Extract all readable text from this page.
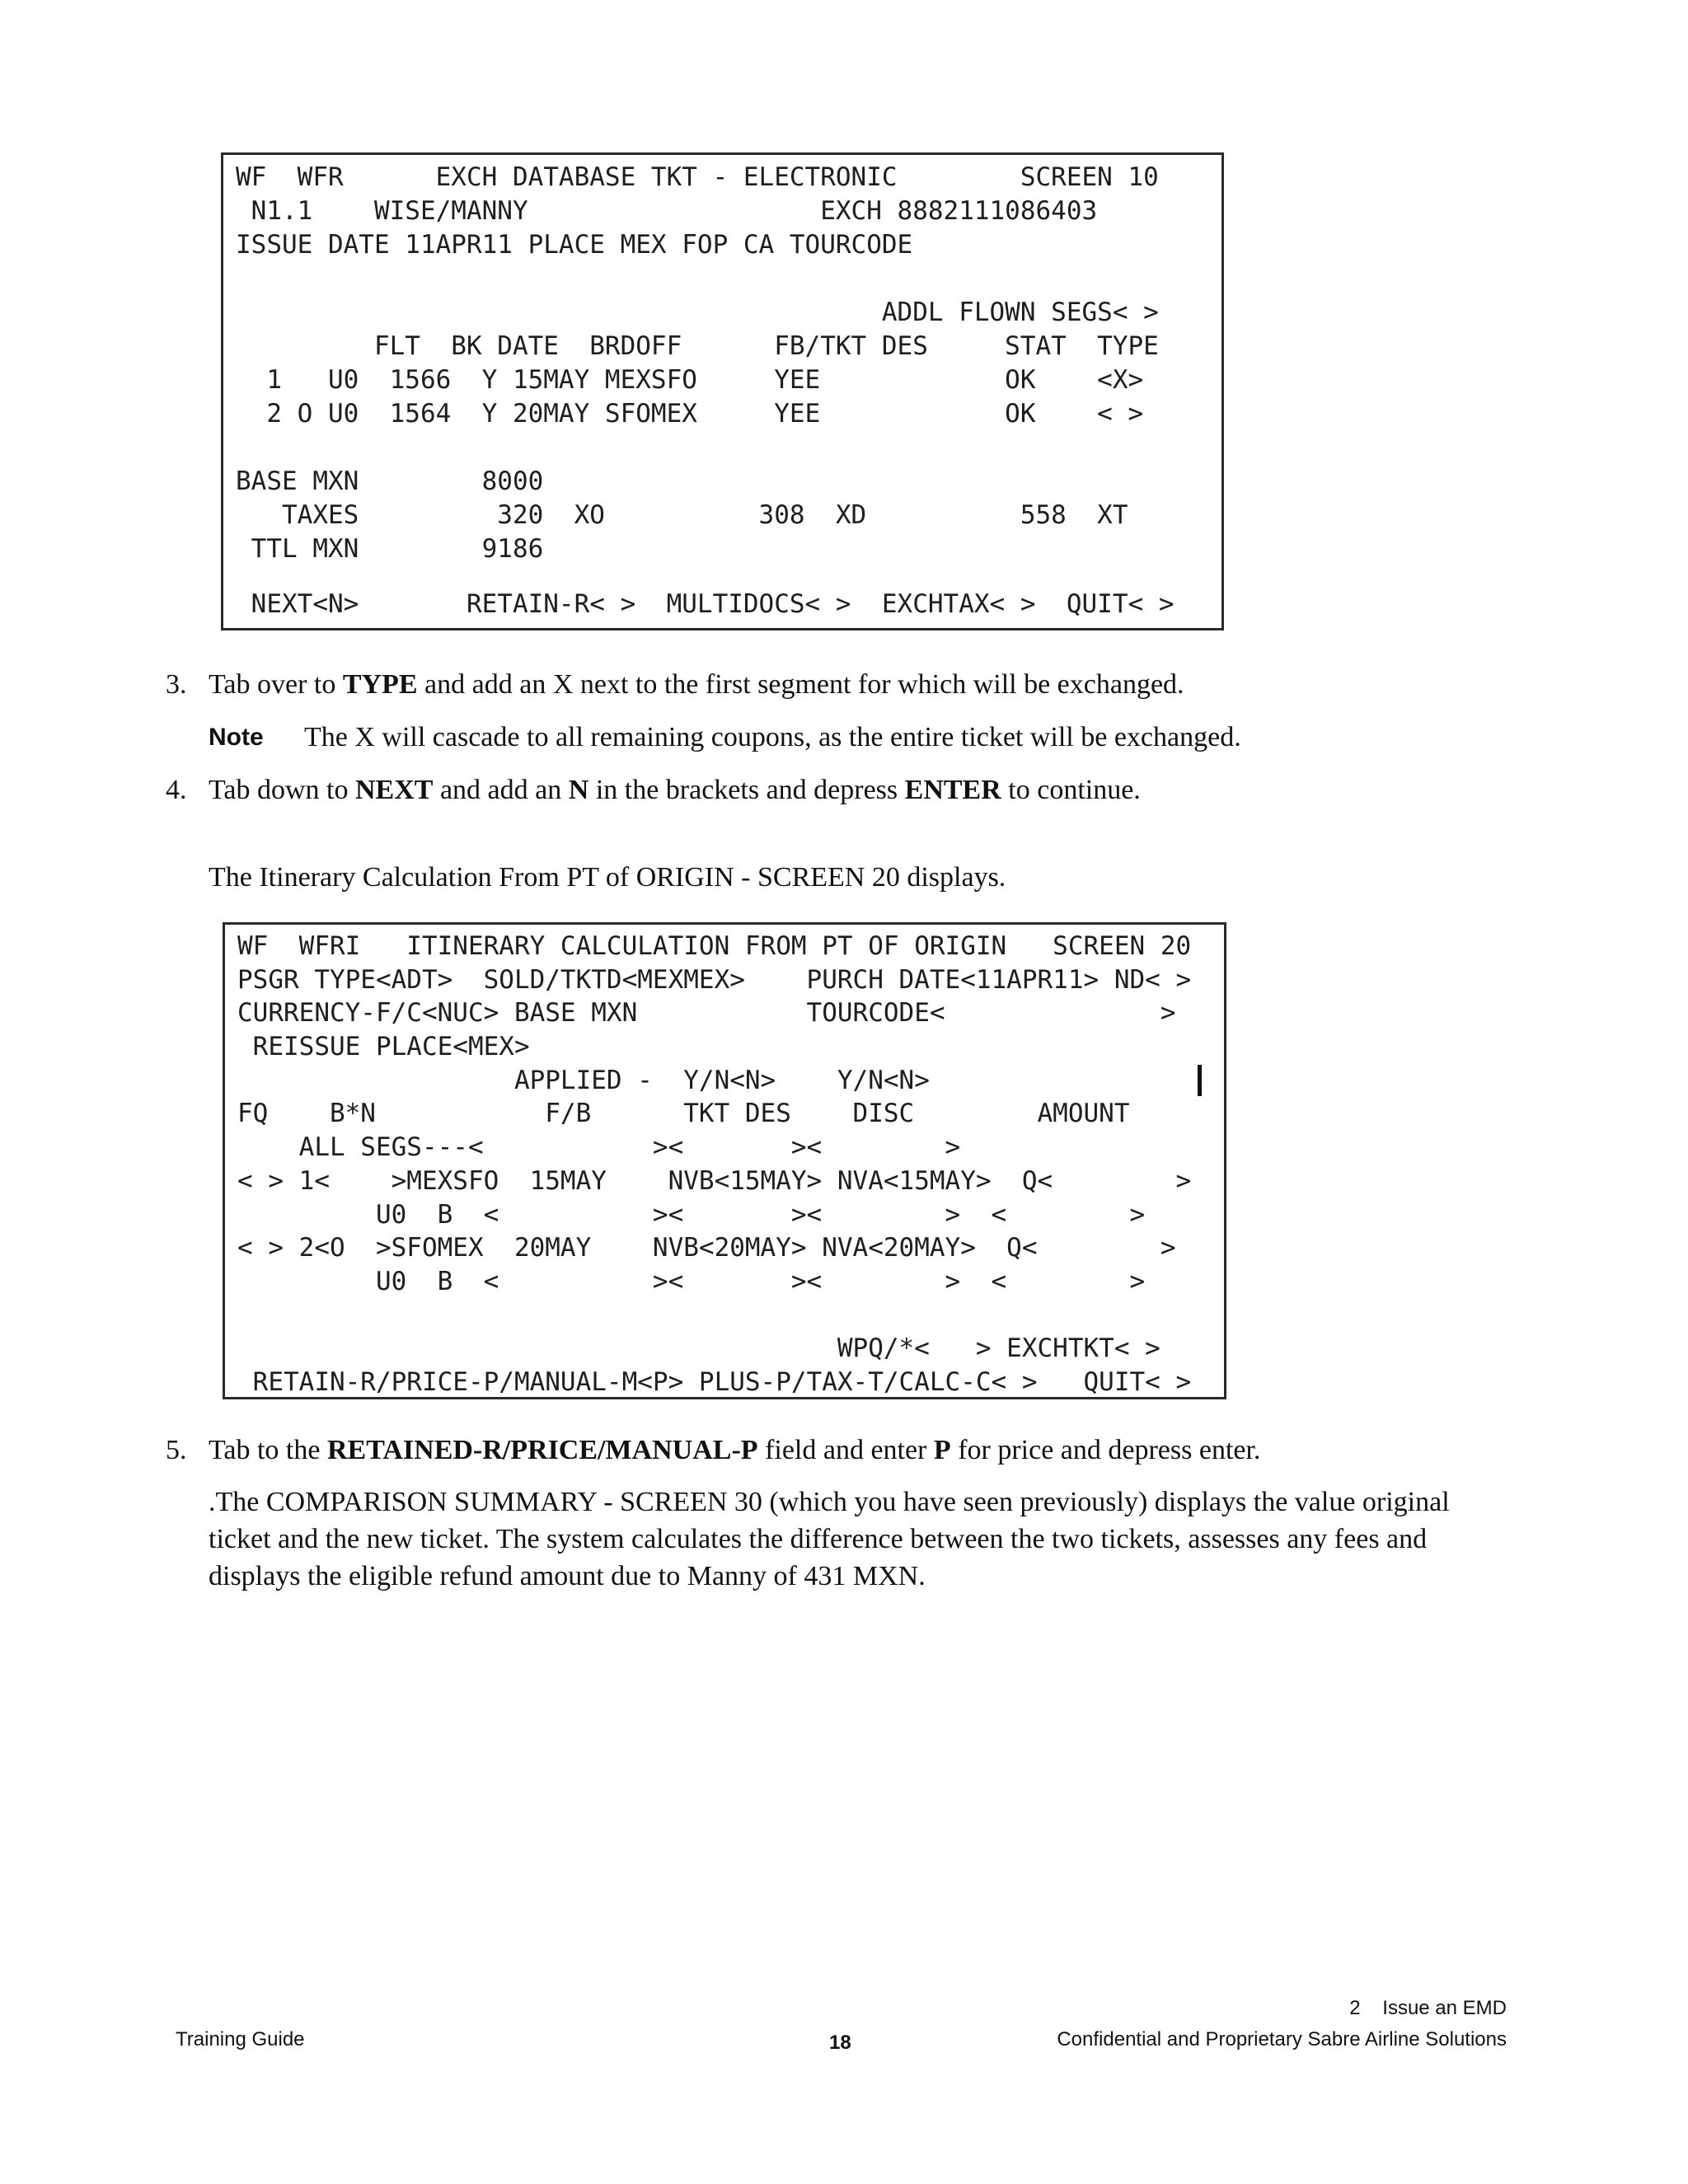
WF  WFR      EXCH DATABASE TKT - ELECTRONIC        SCREEN 10
N1.1    WISE/MANNY                   EXCH 8882111086403
ISSUE DATE 11APR11 PLACE MEX FOP CA TOURCODE
ADDL FLOWN SEGS< >
FLT  BK DATE  BRDOFF      FB/TKT DES     STAT  TYPE
1   U0  1566  Y 15MAY MEXSFO     YEE            OK    <X>
2 O U0  1564  Y 20MAY SFOMEX     YEE            OK    < >
BASE MXN        8000
TAXES         320  XO          308  XD          558  XT
TTL MXN        9186
NEXT<N>       RETAIN-R< >  MULTIDOCS< >  EXCHTAX< >  QUIT< >
3. Tab over to TYPE and add an X next to the first segment for which will be exchanged.
Note The X will cascade to all remaining coupons, as the entire ticket will be exchanged.
4. Tab down to NEXT and add an N in the brackets and depress ENTER to continue.
The Itinerary Calculation From PT of ORIGIN - SCREEN 20 displays.
WF  WFRI   ITINERARY CALCULATION FROM PT OF ORIGIN   SCREEN 20
PSGR TYPE<ADT>  SOLD/TKTD<MEXMEX>    PURCH DATE<11APR11> ND< >
CURRENCY-F/C<NUC> BASE MXN           TOURCODE<              >
REISSUE PLACE<MEX>
APPLIED -  Y/N<N>    Y/N<N>
FQ    B*N           F/B      TKT DES    DISC        AMOUNT
ALL SEGS---<           ><       ><        >
< > 1<    >MEXSFO  15MAY    NVB<15MAY> NVA<15MAY>  Q<        >
U0  B  <          ><       ><        >  <        >
< > 2<O  >SFOMEX  20MAY    NVB<20MAY> NVA<20MAY>  Q<        >
U0  B  <          ><       ><        >  <        >
WPQ/*<   > EXCHTKT< >
RETAIN-R/PRICE-P/MANUAL-M<P> PLUS-P/TAX-T/CALC-C< >   QUIT< >
5. Tab to the RETAINED-R/PRICE/MANUAL-P field and enter P for price and depress enter.
.The COMPARISON SUMMARY - SCREEN 30 (which you have seen previously) displays the value original ticket and the new ticket. The system calculates the difference between the two tickets, assesses any fees and displays the eligible refund amount due to Manny of 431 MXN.
2    Issue an EMD
Training Guide	18	Confidential and Proprietary Sabre Airline Solutions
